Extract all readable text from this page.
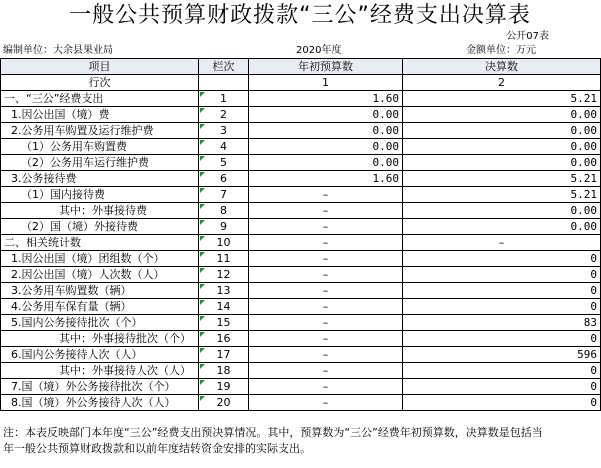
一般公共预算财政拨款“三公”经费支出决算表
公开07表
编制单位：大余县果业局	2020年度	金额单位：万元
项目	栏次	年初预算数	决算数
行次		1	2
一、“三公”经费支出	1	1.60	5.21
1.因公出国（境）费	2	0.00	0.00
2.公务用车购置及运行维护费	3	0.00	0.00
（1）公务用车购置费	4	0.00	0.00
（2）公务用车运行维护费	5	0.00	0.00
3.公务接待费	6	1.60	5.21
（1）国内接待费	7	–	5.21
其中：外事接待费	8	–	0.00
（2）国（境）外接待费	9	–	0.00
二、相关统计数	10	–	–
1.因公出国（境）团组数（个）	11	–	0
2.因公出国（境）人次数（人）	12	–	0
3.公务用车购置数（辆）	13	–	0
4.公务用车保有量（辆）	14	–	0
5.国内公务接待批次（个）	15	–	83
其中：外事接待批次（个）	16	–	0
6.国内公务接待人次（人）	17	–	596
其中：外事接待人次（人）	18	–	0
7.国（境）外公务接待批次（个）	19	–	0
8.国（境）外公务接待人次（人）	20	–	0
注：本表反映部门本年度“三公”经费支出预决算情况。其中，预算数为“三公”经费年初预算数，决算数是包括当年一般公共预算财政拨款和以前年度结转资金安排的实际支出。
